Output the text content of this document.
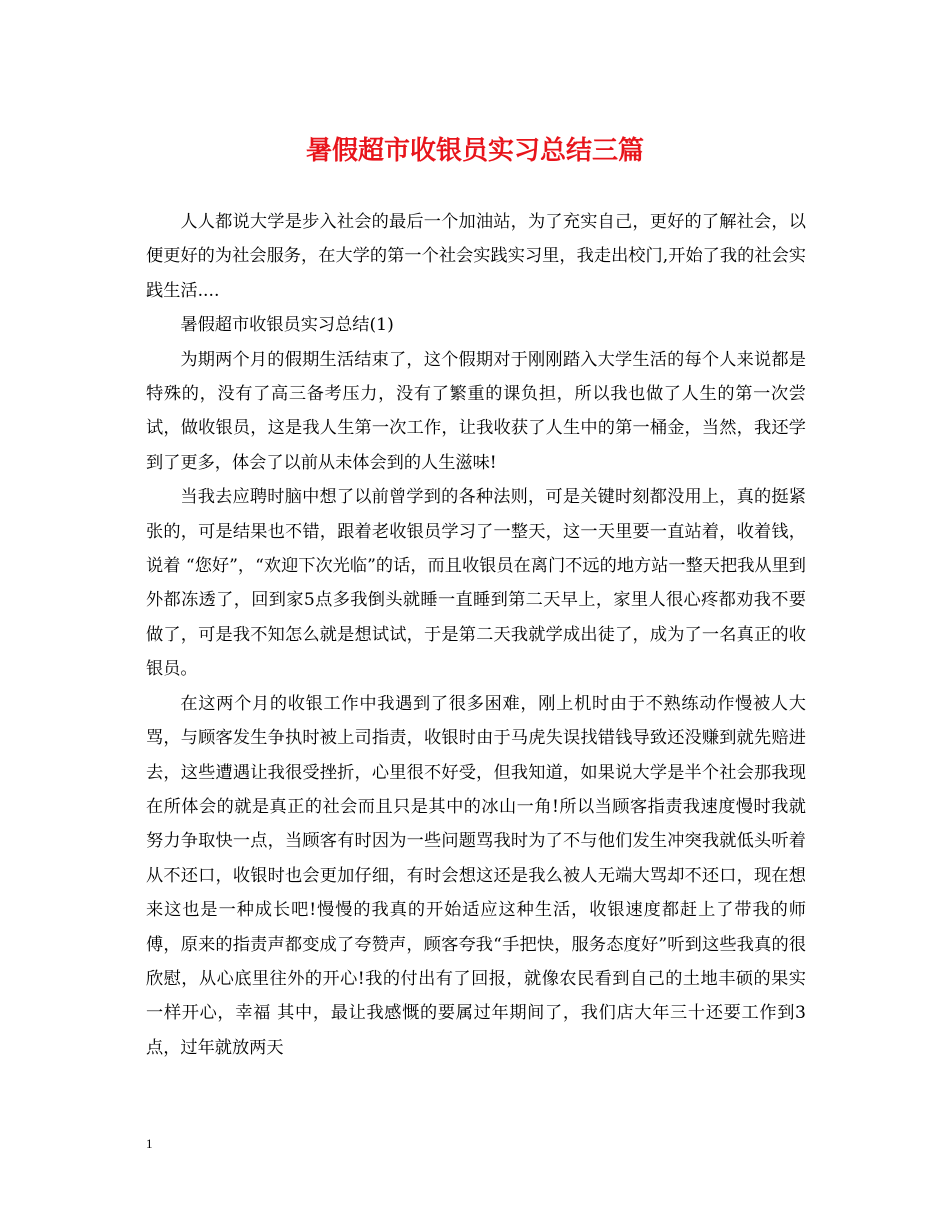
暑假超市收银员实习总结三篇

人人都说大学是步入社会的最后一个加油站，为了充实自己，更好的了解社会，以便更好的为社会服务，在大学的第一个社会实践实习里，我走出校门,开始了我的社会实践生活....

暑假超市收银员实习总结(1)

为期两个月的假期生活结束了，这个假期对于刚刚踏入大学生活的每个人来说都是特殊的，没有了高三备考压力，没有了繁重的课负担，所以我也做了人生的第一次尝试，做收银员，这是我人生第一次工作，让我收获了人生中的第一桶金，当然，我还学到了更多，体会了以前从未体会到的人生滋味!

当我去应聘时脑中想了以前曾学到的各种法则，可是关键时刻都没用上，真的挺紧张的，可是结果也不错，跟着老收银员学习了一整天，这一天里要一直站着，收着钱，说着 “您好”，“欢迎下次光临”的话，而且收银员在离门不远的地方站一整天把我从里到外都冻透了，回到家5点多我倒头就睡一直睡到第二天早上，家里人很心疼都劝我不要做了，可是我不知怎么就是想试试，于是第二天我就学成出徒了，成为了一名真正的收银员。

在这两个月的收银工作中我遇到了很多困难，刚上机时由于不熟练动作慢被人大骂，与顾客发生争执时被上司指责，收银时由于马虎失误找错钱导致还没赚到就先赔进去，这些遭遇让我很受挫折，心里很不好受，但我知道，如果说大学是半个社会那我现在所体会的就是真正的社会而且只是其中的冰山一角!所以当顾客指责我速度慢时我就努力争取快一点，当顾客有时因为一些问题骂我时为了不与他们发生冲突我就低头听着从不还口，收银时也会更加仔细，有时会想这还是我么被人无端大骂却不还口，现在想来这也是一种成长吧!慢慢的我真的开始适应这种生活，收银速度都赶上了带我的师傅，原来的指责声都变成了夸赞声，顾客夸我“手把快，服务态度好”听到这些我真的很欣慰，从心底里往外的开心!我的付出有了回报，就像农民看到自己的土地丰硕的果实一样开心，幸福 其中，最让我感慨的要属过年期间了，我们店大年三十还要工作到3点，过年就放两天

1
